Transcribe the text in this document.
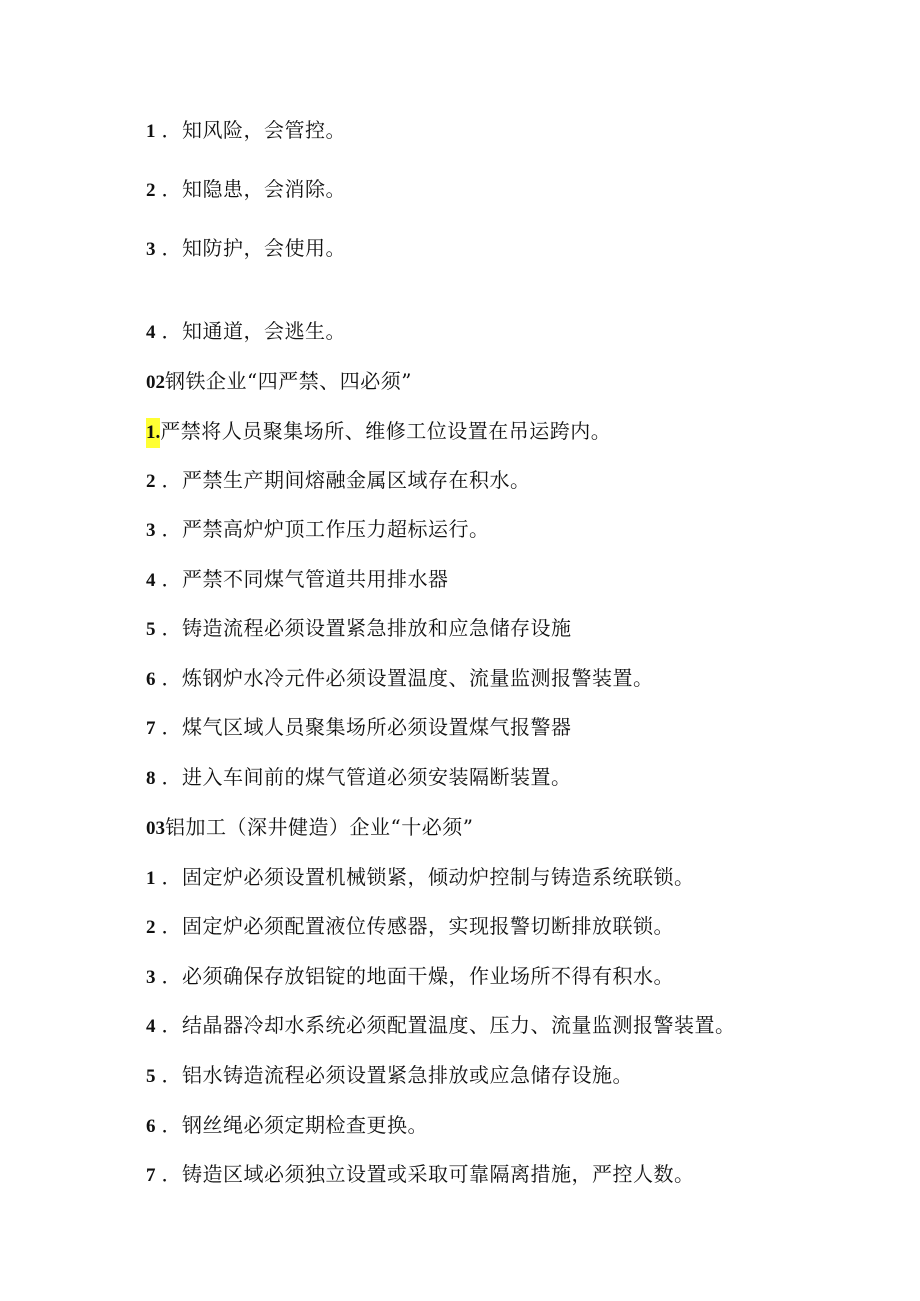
1 ．知风险，会管控。
2 ．知隐患，会消除。
3 ．知防护，会使用。
4 ．知通道，会逃生。
02钢铁企业“四严禁、四必须”
1.严禁将人员聚集场所、维修工位设置在吊运跨内。
2 ．严禁生产期间熔融金属区域存在积水。
3 ．严禁高炉炉顶工作压力超标运行。
4 ．严禁不同煤气管道共用排水器
5 ．铸造流程必须设置紧急排放和应急储存设施
6 ．炼钢炉水冷元件必须设置温度、流量监测报警装置。
7 ．煤气区域人员聚集场所必须设置煤气报警器
8 ．进入车间前的煤气管道必须安装隔断装置。
03铝加工（深井健造）企业“十必须”
1 ．固定炉必须设置机械锁紧，倾动炉控制与铸造系统联锁。
2 ．固定炉必须配置液位传感器，实现报警切断排放联锁。
3 ．必须确保存放铝锭的地面干燥，作业场所不得有积水。
4 ．结晶器冷却水系统必须配置温度、压力、流量监测报警装置。
5 ．铝水铸造流程必须设置紧急排放或应急储存设施。
6 ．钢丝绳必须定期检查更换。
7 ．铸造区域必须独立设置或采取可靠隔离措施，严控人数。
